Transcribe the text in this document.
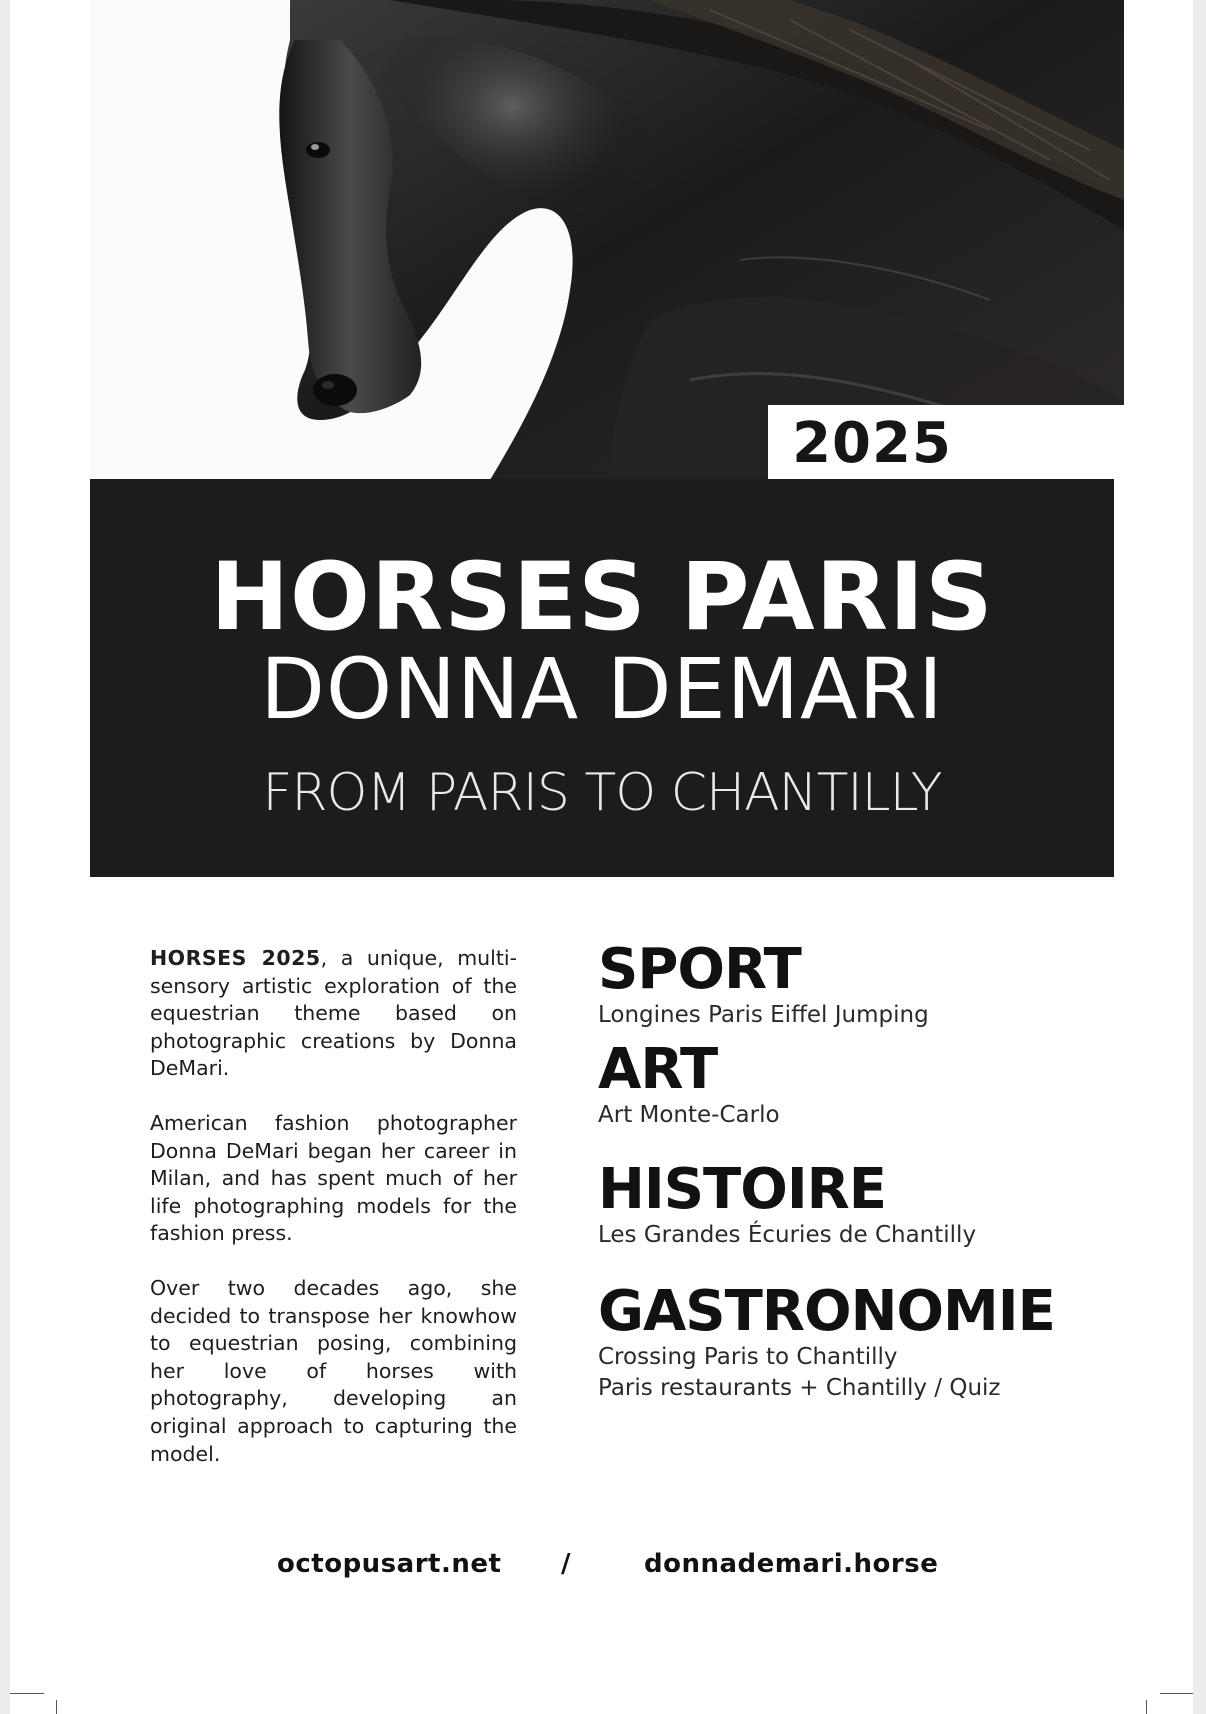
2025
HORSES PARIS
DONNA DEMARI
FROM PARIS TO CHANTILLY

HORSES 2025, a unique, multi-sensory artistic exploration of the equestrian theme based on photographic creations by Donna DeMari.

American fashion photographer Donna DeMari began her career in Milan, and has spent much of her life photographing models for the fashion press.

Over two decades ago, she decided to transpose her knowhow to equestrian posing, combining her love of horses with photography, developing an original approach to capturing the model.

SPORT
Longines Paris Eiffel Jumping
ART
Art Monte-Carlo
HISTOIRE
Les Grandes Écuries de Chantilly
GASTRONOMIE
Crossing Paris to Chantilly
Paris restaurants + Chantilly / Quiz
octopusart.net /	donnademari.horse
